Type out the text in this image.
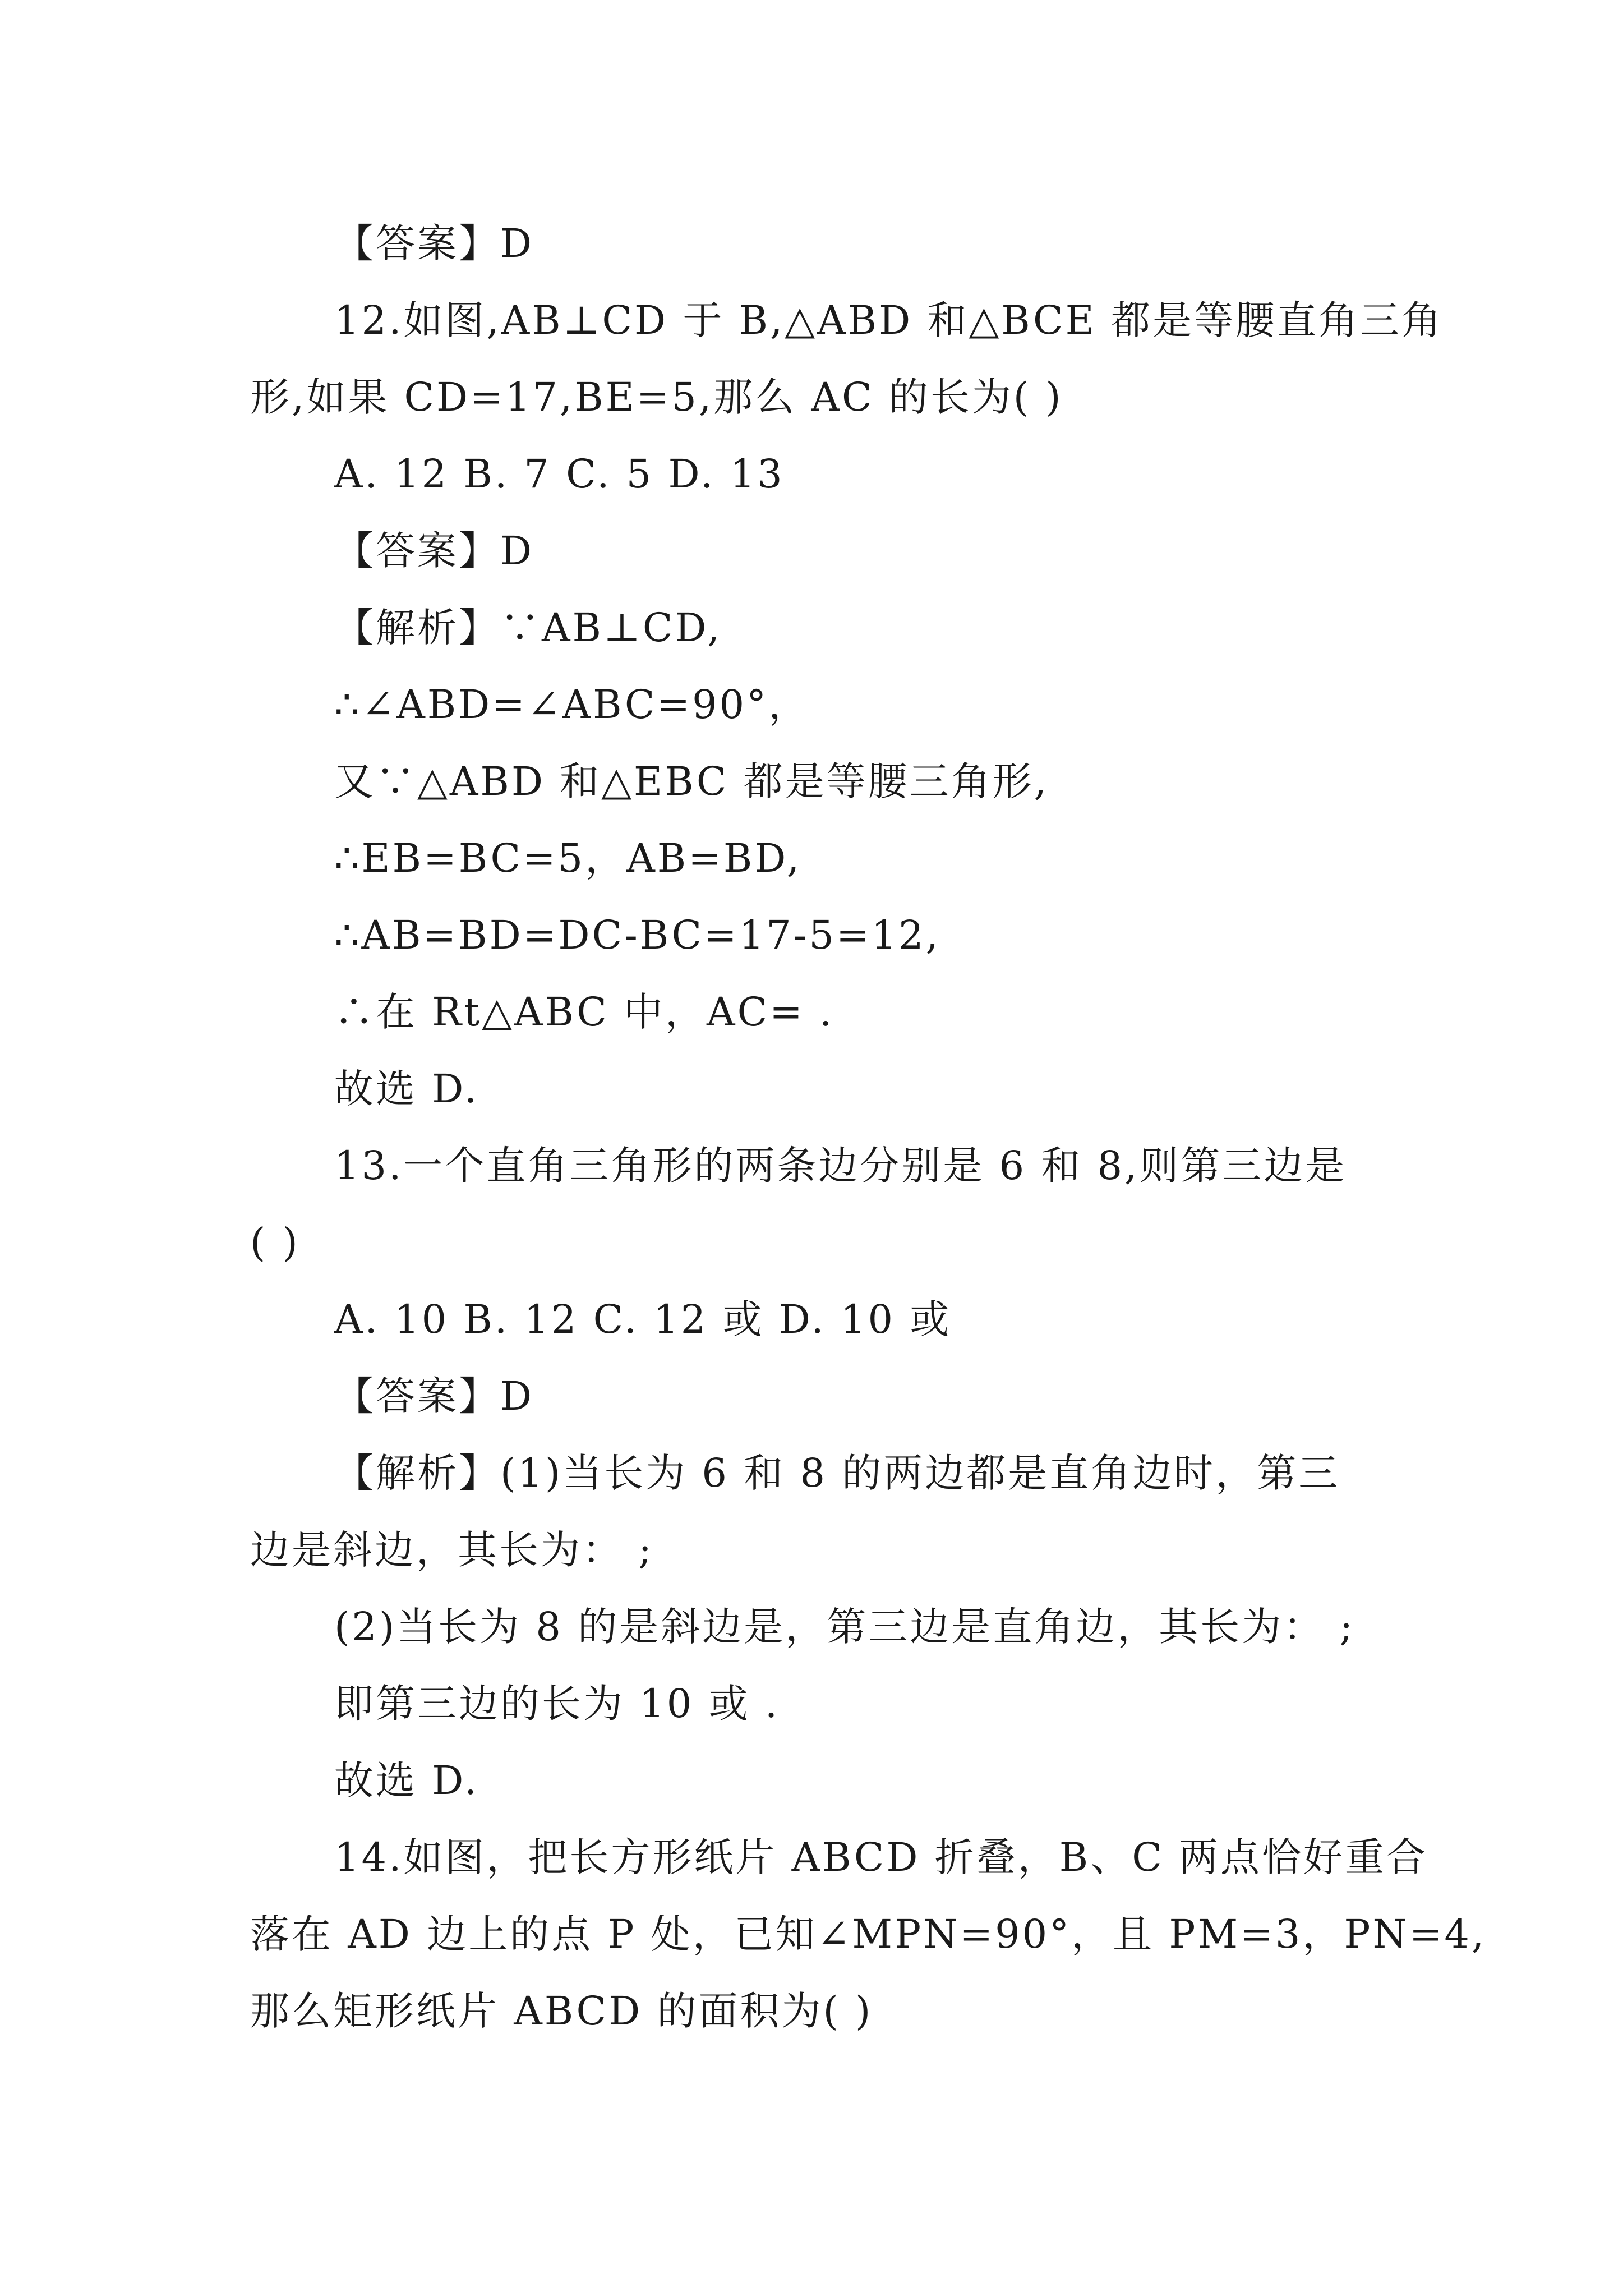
【答案】D
12.如图,AB⊥CD 于 B,△ABD 和△BCE 都是等腰直角三角
形,如果 CD=17,BE=5,那么 AC 的长为( )
A. 12 B. 7 C. 5 D. 13
【答案】D
【解析】∵AB⊥CD,
∴∠ABD=∠ABC=90°，
又∵△ABD 和△EBC 都是等腰三角形,
∴EB=BC=5，AB=BD,
∴AB=BD=DC-BC=17-5=12,
∴在 Rt△ABC 中，AC= .
故选 D.
13.一个直角三角形的两条边分别是 6 和 8,则第三边是
( )
A. 10 B. 12 C. 12 或 D. 10 或
【答案】D
【解析】(1)当长为 6 和 8 的两边都是直角边时，第三
边是斜边，其长为： ;
(2)当长为 8 的是斜边是，第三边是直角边，其长为： ;
即第三边的长为 10 或 .
故选 D.
14.如图，把长方形纸片 ABCD 折叠，B、C 两点恰好重合
落在 AD 边上的点 P 处，已知∠MPN=90°，且 PM=3，PN=4,
那么矩形纸片 ABCD 的面积为( )
